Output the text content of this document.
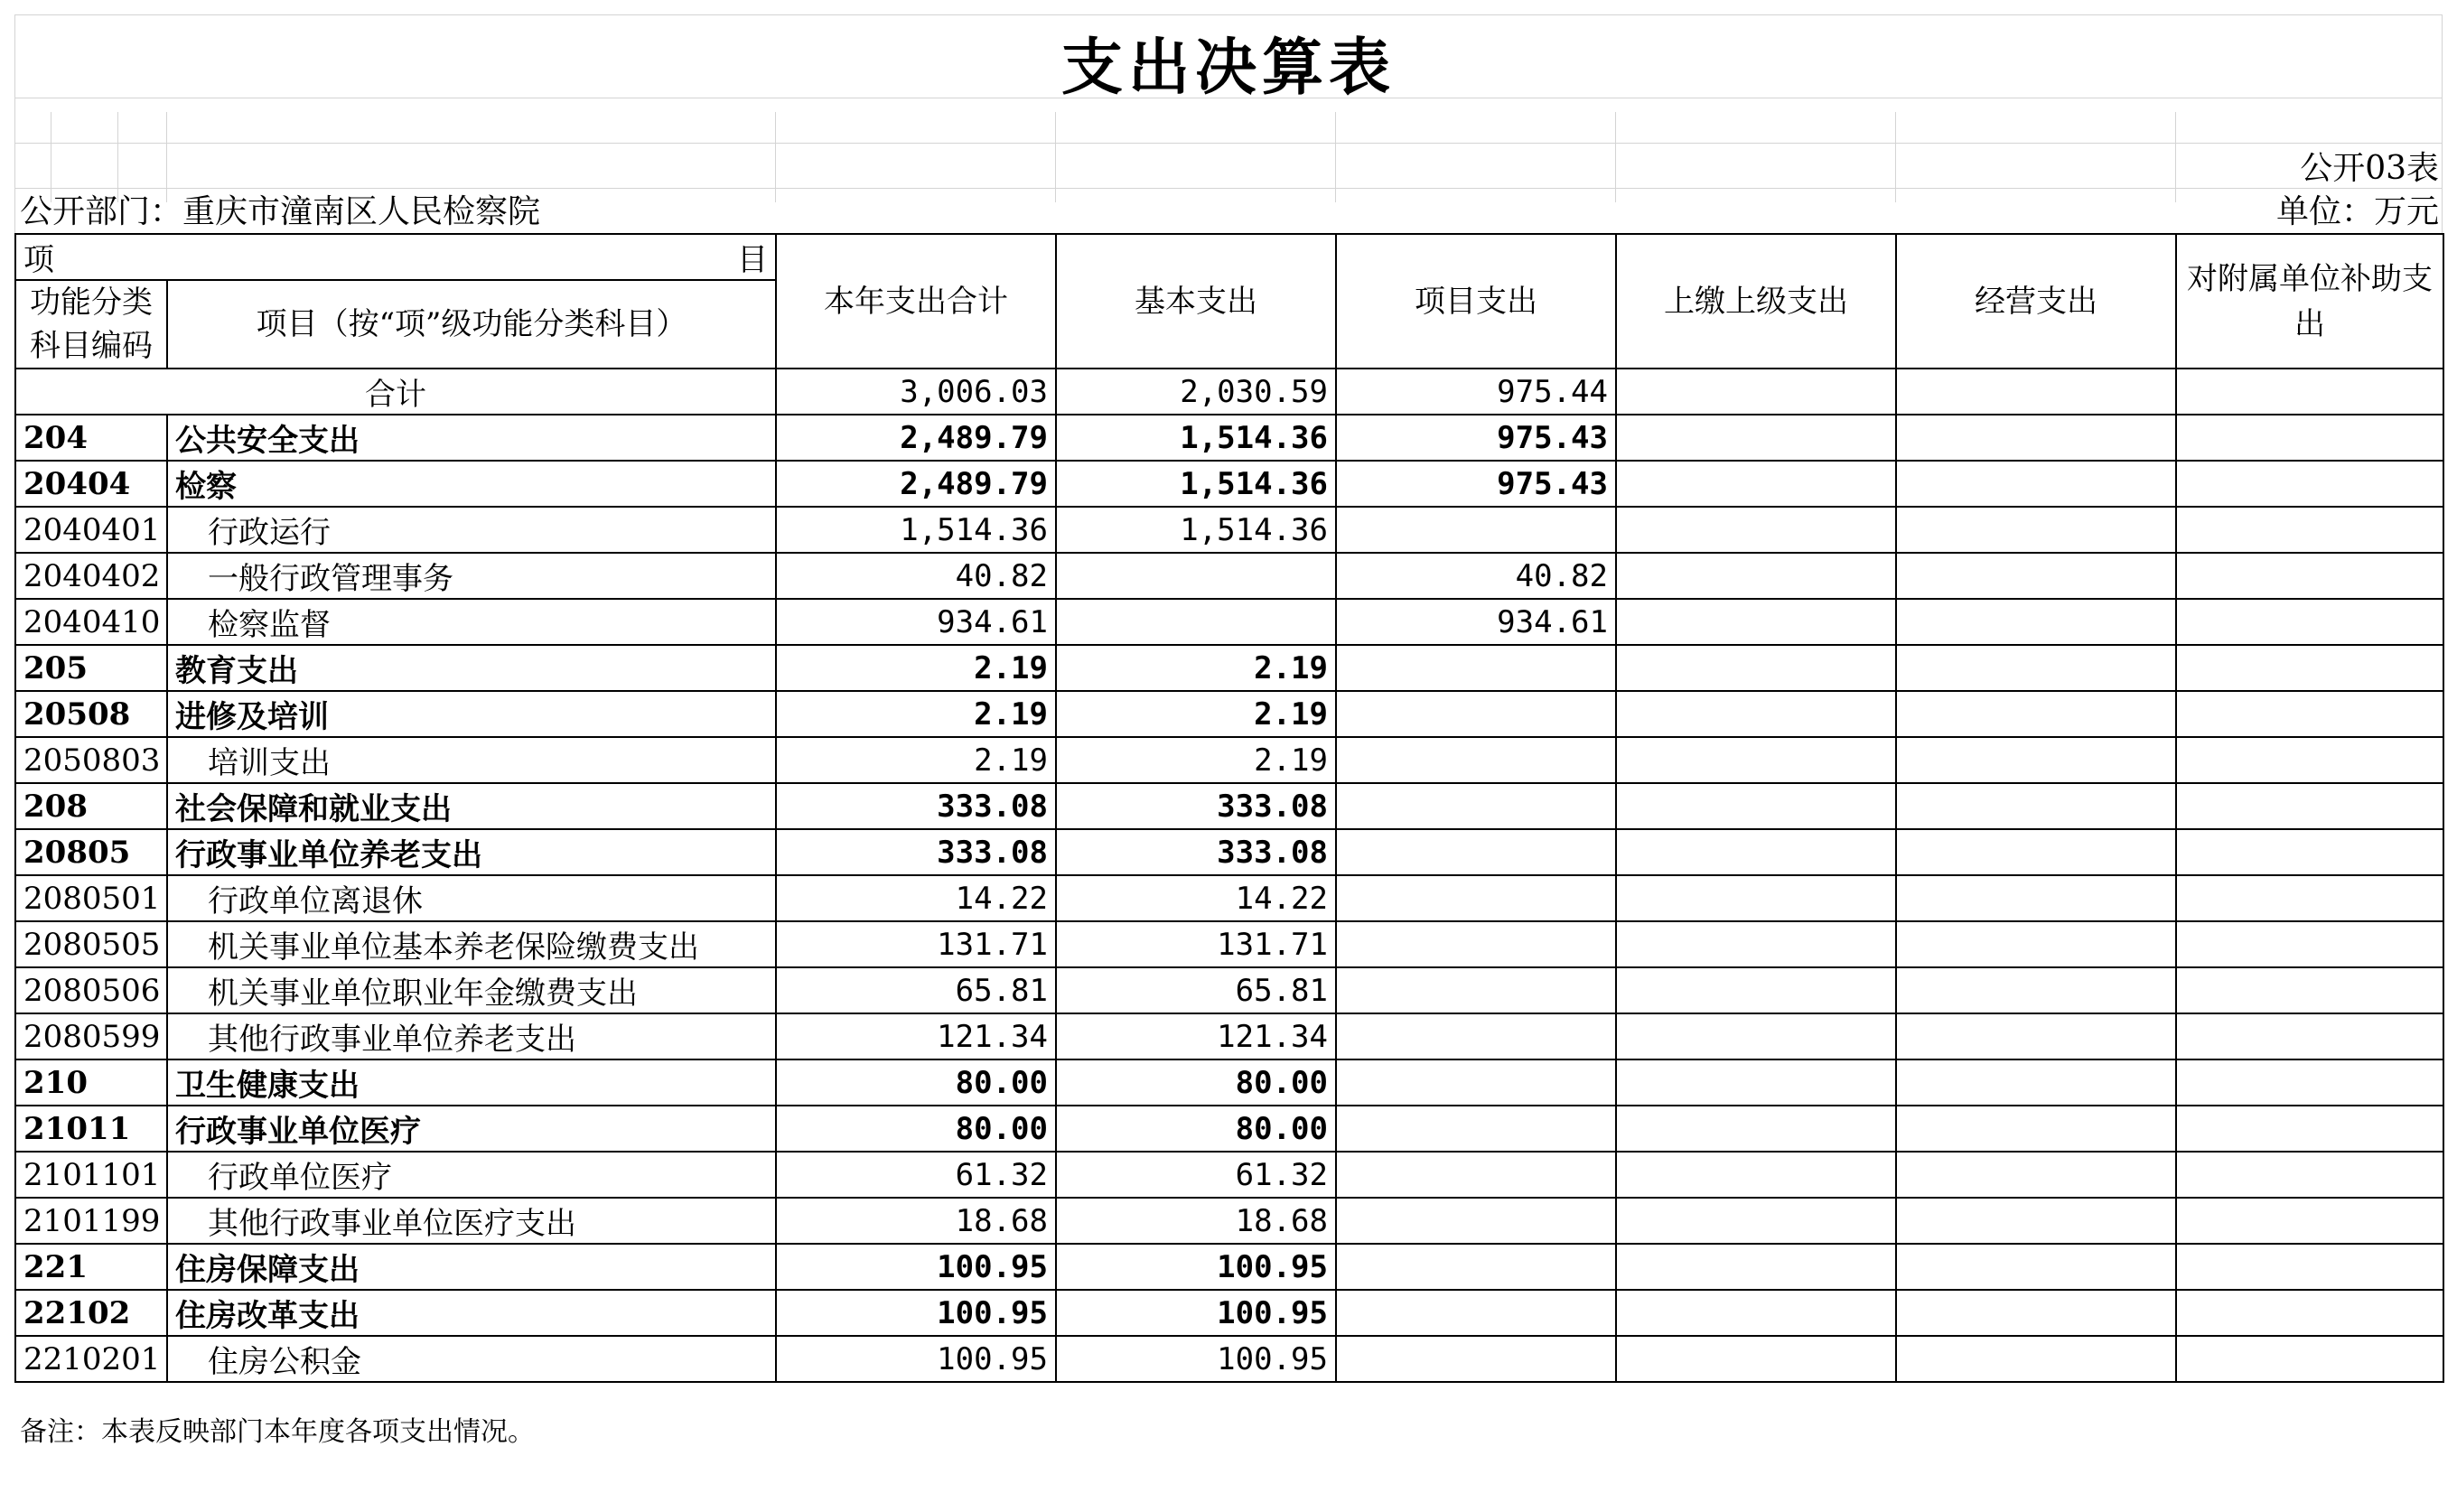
支出决算表
公开03表
公开部门：重庆市潼南区人民检察院	单位：万元
项 目		本年支出合计	基本支出	项目支出	上缴上级支出	经营支出	对附属单位补助支出
功能分类科目编码	项目（按“项”级功能分类科目）						
合计		3,006.03	2,030.59	975.44			
204	公共安全支出	2,489.79	1,514.36	975.43			
20404	检察	2,489.79	1,514.36	975.43			
2040401	行政运行	1,514.36	1,514.36				
2040402	一般行政管理事务	40.82		40.82			
2040410	检察监督	934.61		934.61			
205	教育支出	2.19	2.19				
20508	进修及培训	2.19	2.19				
2050803	培训支出	2.19	2.19				
208	社会保障和就业支出	333.08	333.08				
20805	行政事业单位养老支出	333.08	333.08				
2080501	行政单位离退休	14.22	14.22				
2080505	机关事业单位基本养老保险缴费支出	131.71	131.71				
2080506	机关事业单位职业年金缴费支出	65.81	65.81				
2080599	其他行政事业单位养老支出	121.34	121.34				
210	卫生健康支出	80.00	80.00				
21011	行政事业单位医疗	80.00	80.00				
2101101	行政单位医疗	61.32	61.32				
2101199	其他行政事业单位医疗支出	18.68	18.68				
221	住房保障支出	100.95	100.95				
22102	住房改革支出	100.95	100.95				
2210201	住房公积金	100.95	100.95				
备注：本表反映部门本年度各项支出情况。
